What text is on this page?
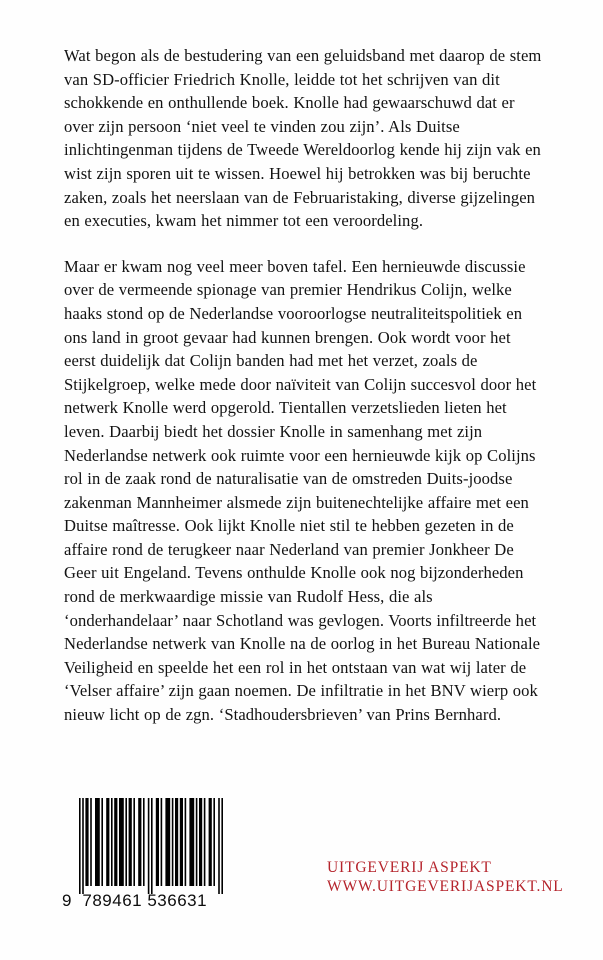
Wat begon als de bestudering van een geluidsband met daarop de stem van SD-officier Friedrich Knolle, leidde tot het schrijven van dit schokkende en onthullende boek. Knolle had gewaarschuwd dat er over zijn persoon ‘niet veel te vinden zou zijn’. Als Duitse inlichtingenman tijdens de Tweede Wereldoorlog kende hij zijn vak en wist zijn sporen uit te wissen. Hoewel hij betrokken was bij beruchte zaken, zoals het neerslaan van de Februaristaking, diverse gijzelingen en executies, kwam het nimmer tot een veroordeling.

Maar er kwam nog veel meer boven tafel. Een hernieuwde discussie over de vermeende spionage van premier Hendrikus Colijn, welke haaks stond op de Nederlandse vooroorlogse neutraliteitspolitiek en ons land in groot gevaar had kunnen brengen. Ook wordt voor het eerst duidelijk dat Colijn banden had met het verzet, zoals de Stijkelgroep, welke mede door naïviteit van Colijn succesvol door het netwerk Knolle werd opgerold. Tientallen verzetslieden lieten het leven. Daarbij biedt het dossier Knolle in samenhang met zijn Nederlandse netwerk ook ruimte voor een hernieuwde kijk op Colijns rol in de zaak rond de naturalisatie van de omstreden Duits-joodse zakenman Mannheimer alsmede zijn buitenechtelijke affaire met een Duitse maîtresse. Ook lijkt Knolle niet stil te hebben gezeten in de affaire rond de terugkeer naar Nederland van premier Jonkheer De Geer uit Engeland. Tevens onthulde Knolle ook nog bijzonderheden rond de merkwaardige missie van Rudolf Hess, die als ‘onderhandelaar’ naar Schotland was gevlogen. Voorts infiltreerde het Nederlandse netwerk van Knolle na de oorlog in het Bureau Nationale Veiligheid en speelde het een rol in het ontstaan van wat wij later de ‘Velser affaire’ zijn gaan noemen. De infiltratie in het BNV wierp ook nieuw licht op de zgn. ‘Stadhoudersbrieven’ van Prins Bernhard.

9  789461 536631
UITGEVERIJ ASPEKT
WWW.UITGEVERIJASPEKT.NL
